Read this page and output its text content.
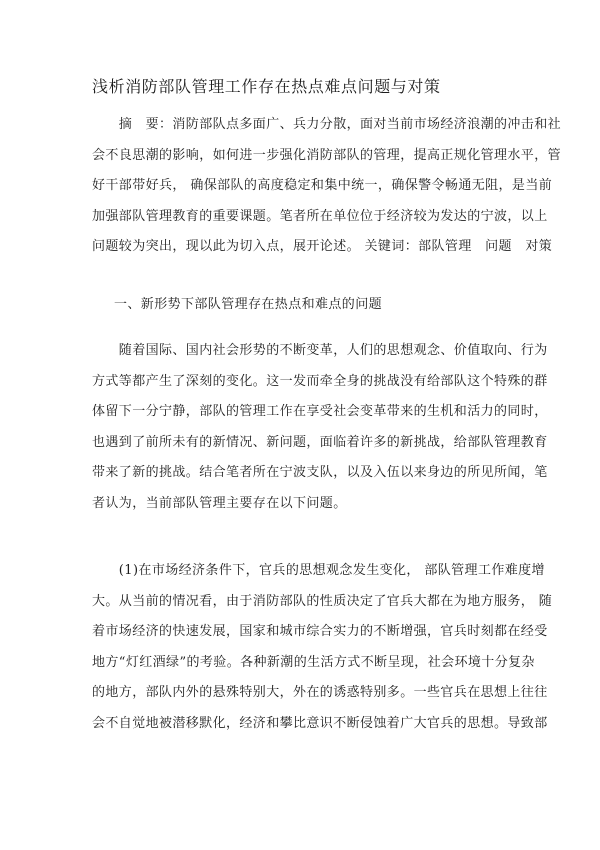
浅析消防部队管理工作存在热点难点问题与对策
　　摘　要：消防部队点多面广、兵力分散，面对当前市场经济浪潮的冲击和社
会不良思潮的影响，如何进一步强化消防部队的管理，提高正规化管理水平，管
好干部带好兵， 确保部队的高度稳定和集中统一，确保警令畅通无阻，是当前
加强部队管理教育的重要课题。笔者所在单位位于经济较为发达的宁波，以上
问题较为突出，现以此为切入点，展开论述。 关键词：部队管理　问题　对策
一、新形势下部队管理存在热点和难点的问题
　　随着国际、国内社会形势的不断变革，人们的思想观念、价值取向、行为
方式等都产生了深刻的变化。这一发而牵全身的挑战没有给部队这个特殊的群
体留下一分宁静，部队的管理工作在享受社会变革带来的生机和活力的同时，
也遇到了前所未有的新情况、新问题，面临着许多的新挑战，给部队管理教育
带来了新的挑战。结合笔者所在宁波支队，以及入伍以来身边的所见所闻，笔
者认为，当前部队管理主要存在以下问题。
　　(1)在市场经济条件下，官兵的思想观念发生变化， 部队管理工作难度增
大。从当前的情况看，由于消防部队的性质决定了官兵大都在为地方服务， 随
着市场经济的快速发展，国家和城市综合实力的不断增强，官兵时刻都在经受
地方“灯红酒绿”的考验。各种新潮的生活方式不断呈现，社会环境十分复杂
的地方，部队内外的悬殊特别大，外在的诱惑特别多。一些官兵在思想上往往
会不自觉地被潜移默化，经济和攀比意识不断侵蚀着广大官兵的思想。导致部
